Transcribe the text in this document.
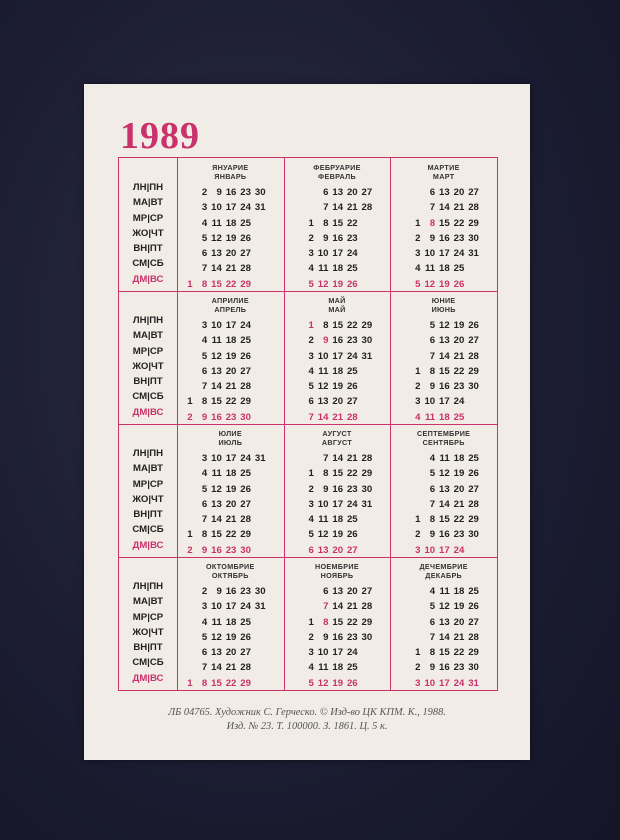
1989
ЛН|ПН
МА|ВТ
МР|СР
ЖО|ЧТ
ВН|ПТ
СМ|СБ
ДМ|ВС
ЯНУАРИЕ
ЯНВАРЬ
2 9 16 23 30
3 10 17 24 31
4 11 18 25
5 12 19 26
6 13 20 27
7 14 21 28
1 8 15 22 29
ФЕБРУАРИЕ
ФЕВРАЛЬ
6 13 20 27
7 14 21 28
1 8 15 22
2 9 16 23
3 10 17 24
4 11 18 25
5 12 19 26
МАРТИЕ
МАРТ
6 13 20 27
7 14 21 28
1 8 15 22 29
2 9 16 23 30
3 10 17 24 31
4 11 18 25
5 12 19 26
ЛН|ПН
МА|ВТ
МР|СР
ЖО|ЧТ
ВН|ПТ
СМ|СБ
ДМ|ВС
АПРИЛИЕ
АПРЕЛЬ
3 10 17 24
4 11 18 25
5 12 19 26
6 13 20 27
7 14 21 28
1 8 15 22 29
2 9 16 23 30
МАЙ
МАЙ
1 8 15 22 29
2 9 16 23 30
3 10 17 24 31
4 11 18 25
5 12 19 26
6 13 20 27
7 14 21 28
ЮНИЕ
ИЮНЬ
5 12 19 26
6 13 20 27
7 14 21 28
1 8 15 22 29
2 9 16 23 30
3 10 17 24
4 11 18 25
ЛН|ПН
МА|ВТ
МР|СР
ЖО|ЧТ
ВН|ПТ
СМ|СБ
ДМ|ВС
ЮЛИЕ
ИЮЛЬ
3 10 17 24 31
4 11 18 25
5 12 19 26
6 13 20 27
7 14 21 28
1 8 15 22 29
2 9 16 23 30
АУГУСТ
АВГУСТ
7 14 21 28
1 8 15 22 29
2 9 16 23 30
3 10 17 24 31
4 11 18 25
5 12 19 26
6 13 20 27
СЕПТЕМБРИЕ
СЕНТЯБРЬ
4 11 18 25
5 12 19 26
6 13 20 27
7 14 21 28
1 8 15 22 29
2 9 16 23 30
3 10 17 24
ЛН|ПН
МА|ВТ
МР|СР
ЖО|ЧТ
ВН|ПТ
СМ|СБ
ДМ|ВС
ОКТОМБРИЕ
ОКТЯБРЬ
2 9 16 23 30
3 10 17 24 31
4 11 18 25
5 12 19 26
6 13 20 27
7 14 21 28
1 8 15 22 29
НОЕМБРИЕ
НОЯБРЬ
6 13 20 27
7 14 21 28
1 8 15 22 29
2 9 16 23 30
3 10 17 24
4 11 18 25
5 12 19 26
ДЕЧЕМБРИЕ
ДЕКАБРЬ
4 11 18 25
5 12 19 26
6 13 20 27
7 14 21 28
1 8 15 22 29
2 9 16 23 30
3 10 17 24 31
ЛБ 04765. Художник С. Герческо. © Изд-во ЦК КПМ. К., 1988.
Изд. № 23. Т. 100000. З. 1861. Ц. 5 к.
